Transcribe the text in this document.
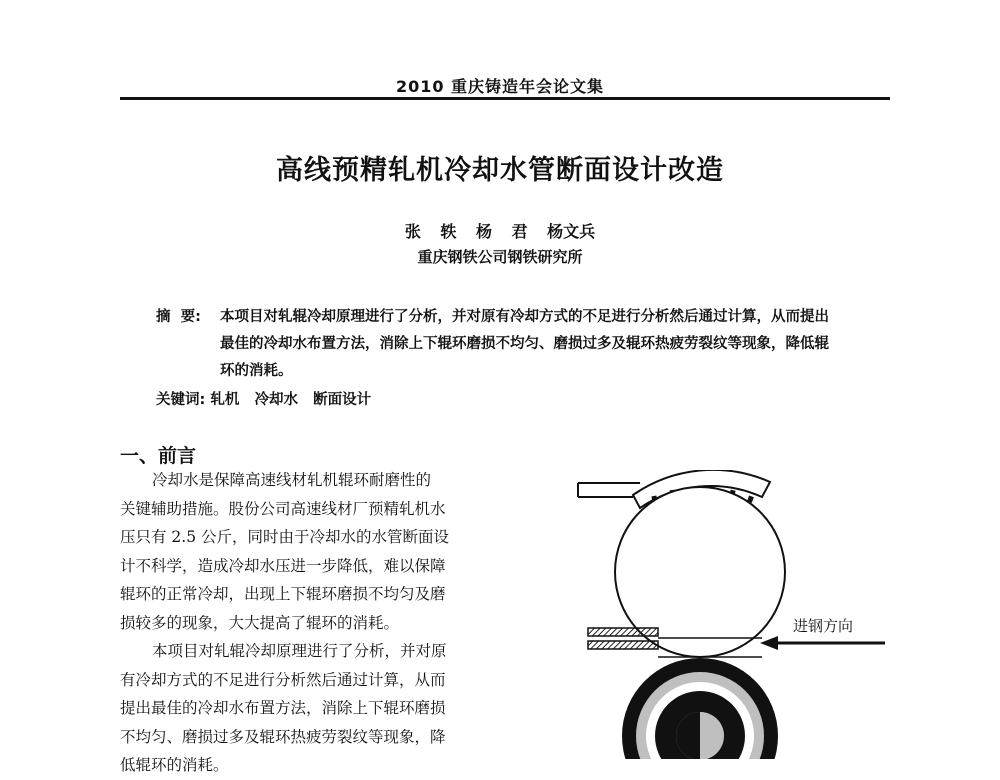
2010 重庆铸造年会论文集
高线预精轧机冷却水管断面设计改造
张 轶 杨 君 杨文兵
重庆钢铁公司钢铁研究所
摘  要: 本项目对轧辊冷却原理进行了分析，并对原有冷却方式的不足进行分析然后通过计算，从而提出
最佳的冷却水布置方法，消除上下辊环磨损不均匀、磨损过多及辊环热疲劳裂纹等现象，降低辊
环的消耗。
关键词: 轧机   冷却水   断面设计
一、前言
冷却水是保障高速线材轧机辊环耐磨性的
关键辅助措施。股份公司高速线材厂预精轧机水
压只有 2.5 公斤，同时由于冷却水的水管断面设
计不科学，造成冷却水压进一步降低，难以保障
辊环的正常冷却，出现上下辊环磨损不均匀及磨
损较多的现象，大大提高了辊环的消耗。
本项目对轧辊冷却原理进行了分析，并对原
有冷却方式的不足进行分析然后通过计算，从而
提出最佳的冷却水布置方法，消除上下辊环磨损
不均匀、磨损过多及辊环热疲劳裂纹等现象，降
低辊环的消耗。
进钢方向
